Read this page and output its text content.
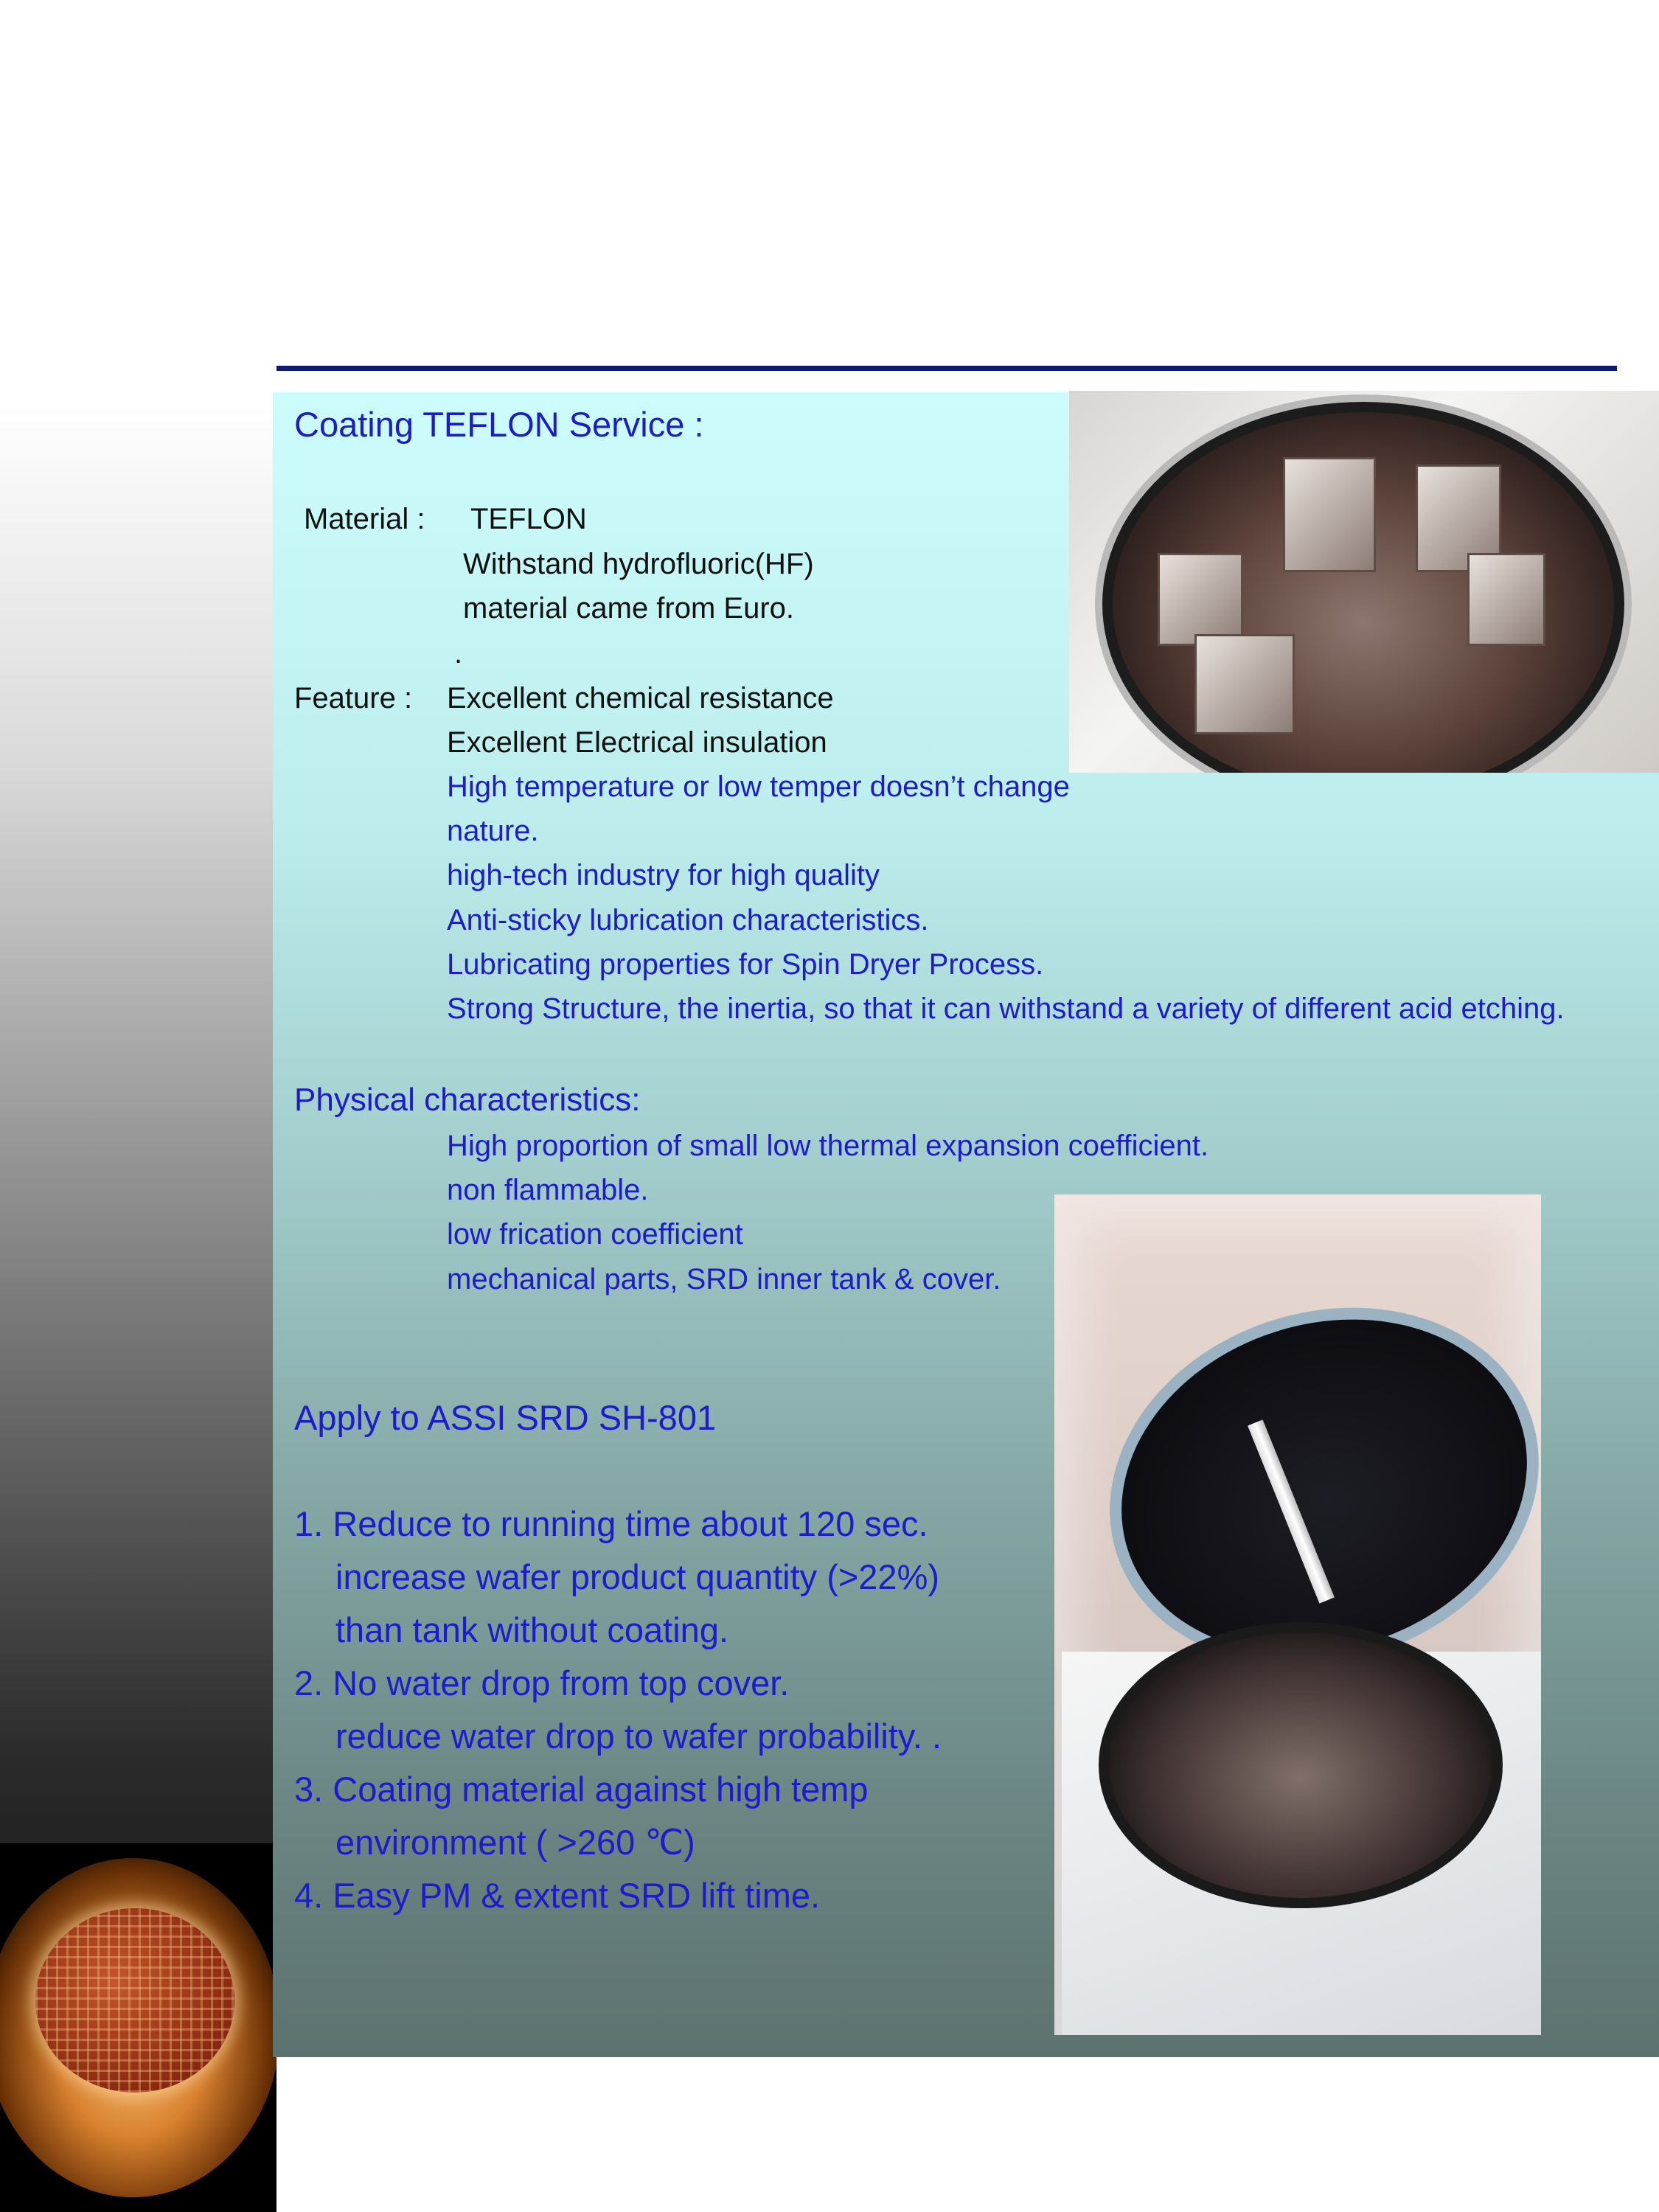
Coating TEFLON Service :
Material : TEFLON
Withstand hydrofluoric(HF)
material came from Euro.
.
Feature : Excellent chemical resistance
Excellent Electrical insulation
High temperature or low temper doesn’t change
nature.
high-tech industry for high quality
Anti-sticky lubrication characteristics.
Lubricating properties for Spin Dryer Process.
Strong Structure, the inertia, so that it can withstand a variety of different acid etching.
Physical characteristics:
High proportion of small low thermal expansion coefficient.
non flammable.
low frication coefficient
mechanical parts, SRD inner tank & cover.
Apply to ASSI SRD SH-801
1. Reduce to running time about 120 sec.
increase wafer product quantity (>22%)
than tank without coating.
2. No water drop from top cover.
reduce water drop to wafer probability. .
3. Coating material against high temp
environment ( >260 ℃)
4. Easy PM & extent SRD lift time.
